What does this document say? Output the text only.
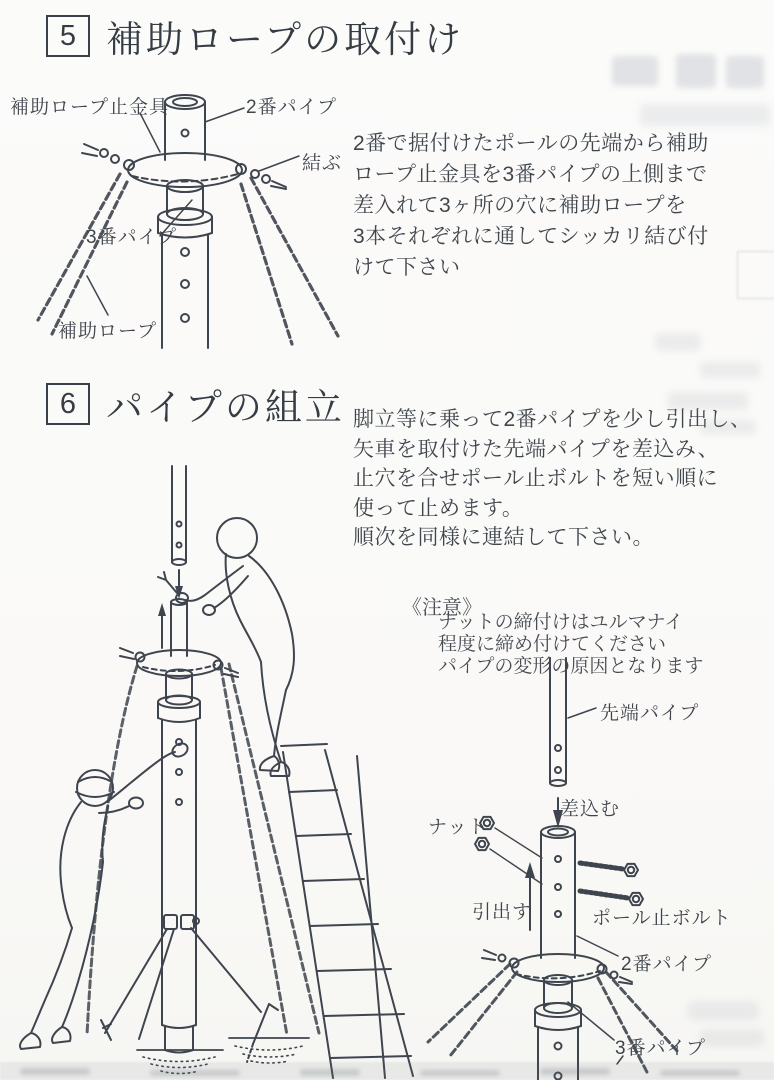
5 補助ロープの取付け
2番で据付けたポールの先端から補助
ロープ止金具を3番パイプの上側まで
差入れて3ヶ所の穴に補助ロープを
3本それぞれに通してシッカリ結び付
けて下さい
補助ロープ止金具	2番パイプ
結ぶ
3番パイプ
補助ロープ
6 パイプの組立 脚立等に乗って2番パイプを少し引出し、
矢車を取付けた先端パイプを差込み、
止穴を合せポール止ボルトを短い順に
使って止めます。
順次を同様に連結して下さい。
《注意》
ナットの締付けはユルマナイ
程度に締め付けてください
パイプの変形の原因となります
先端パイプ
差込む
ナット
引出す	ポール止ボルト
2番パイプ
3番パイプ
